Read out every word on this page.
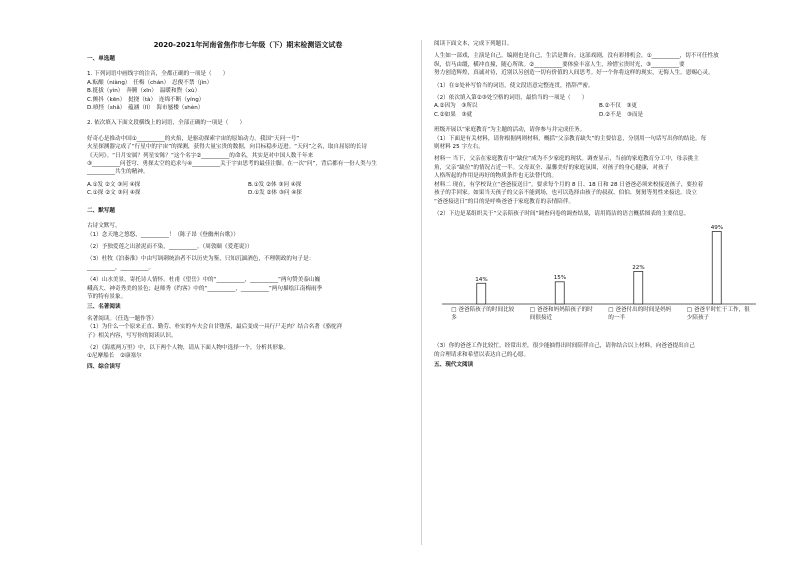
2020-2021年河南省焦作市七年级（下）期末检测语文试卷
一、单选题

1. 下列词语中画线字的注音，全都正确的一项是（　　）

A.酝酿（niàng）　任梅（chán）　忍俊不禁（jìn）

B.挺拔（yìn）　奔腾（xīn）　温暖和煦（xù）

C.颤抖（kēn）　挝挠（tà）　连绵不断（yíng）

D.嗔怪（shǎ）　蕴涵（lǐ）　海市蜃楼（shèn）

2. 依次填入下面文段横线上的词语，全部正确的一项是（　　）

好奇心是推动中国①__________的火焰，是驱动探索宇宙的原始动力。我国“天问一号”

火星探测器完成了“行星中的宇宙”的探测，获得大量宝贵的数据，向目标稳步迈进。“天问”之名，取自屈原的长诗

《天问》。“日月安属？列星安陈？”这个名字②__________的命名，其实是对中国人数千年来

③__________问苍穹、勇探太空的追求与④__________关于宇宙思考的最佳注脚。在一次“问”，背后都有一份人类与生

__________共生的精神。

A.①发 ②文 ③问 ④探	B.①发 ②体 ③问 ④探
C.①探 ②文 ③问 ④探	D.①发 ②体 ③问 ④探
二、默写题

古诗文默写。

（1）念天地之悠悠，__________！（陈子昂《登幽州台歌》）

（2）予独爱莲之出淤泥而不染，__________。（周敦颐《爱莲说》）

（3）杜牧《泊秦淮》中由写讽刺统治者不以历史为鉴，只知沉湎酒色，不理朝政的句子是：

__________，__________。

（4）山水美景，寄托诗人情怀。杜甫《望岳》中的“__________，__________”两句赞美泰山巍

峨高大、神奇秀美的景色；赵师秀《约客》中的“__________，__________”两句描绘江南梅雨季

节的特有景象。

三、名著阅读

名著阅读。（任选一题作答）

（1）为什么一个原来正直、勤劳、朴实的车夫会自甘堕落，最后变成一具行尸走肉？结合名著《骆驼祥

子》相关内容，写写你的阅读认识。

（2）《海底两万里》中，以下两个人物，请从下面人物中选择一个，分析其形象。

①尼摩船长　②康塞尔

四、综合读写

阅读下面文本，完成下列题目。

人生如一部戏，主演是自己，编剧也是自己，生活是舞台。这部戏剧，没有彩排机会，①__________，切不可任性放

纵，信马由缰，横冲直撞，随心所欲。②__________要体验丰富人生，珍惜宝贵时光，③__________要

努力创造辉煌，真诚对待，近别以另创造一切有价值的人间思考。好一个你将这样的现实，无悔人生，恩赐心灵。

（1）在①处补写恰当的词语，使文段语意完整连贯，措辞严密。

（2）依次填入第②③处空格的词语，最恰当的一项是（　　）

A.②因为　③所以	B.②不仅　③更
C.②如果　③就	D.②不是　③而是

班级开展以“家庭教育”为主题的活动，请你参与并完成任务。

（1）下面是有关材料，请你根据两则材料，概括“父亲教育缺失”的主要信息，分别用一句话写出你的结论。每

则材料 25 字左右。

材料一 当下，父亲在家庭教育中“缺位”成为不少家庭的现状。调查显示，当前的家庭教育分工中，母亲挑主

角，父亲“缺位”的情况占近一半。父母双全、温馨美好的家庭氛围，对孩子的身心健康，对孩子

人格所起的作用是再好的物质条件也无法替代的。

材料二 现在，有学校设立“爸爸接送日”，要求每个月的 8 日、18 日和 28 日爸爸必须来校接送孩子，要拉着

孩子的手回家。如果当天孩子的父亲不能到场，也可以选择由孩子的叔叔、伯伯、舅舅等男性来接送。设立

“爸爸接送日”的目的是呼唤爸爸于家庭教育的亲情陪伴。

（2）下边是某组织关于“父亲陪孩子时间”调查问卷的调查结果，请用简洁的语言概括图表的主要信息。

14%
□ 爸爸陪孩子的时间比较多
15%
□ 爸爸和妈妈陪孩子的时间很接近
22%
□ 爸爸付出的时间是妈妈的一半
49%
□ 爸爸平时忙于工作，很少陪孩子

（3）你的爸爸工作比较忙，经常出差，很少能抽得出时间陪伴自己，请你结合以上材料，向爸爸提出自己

的合理请求和希望以表达自己的心愿。

五、现代文阅读
